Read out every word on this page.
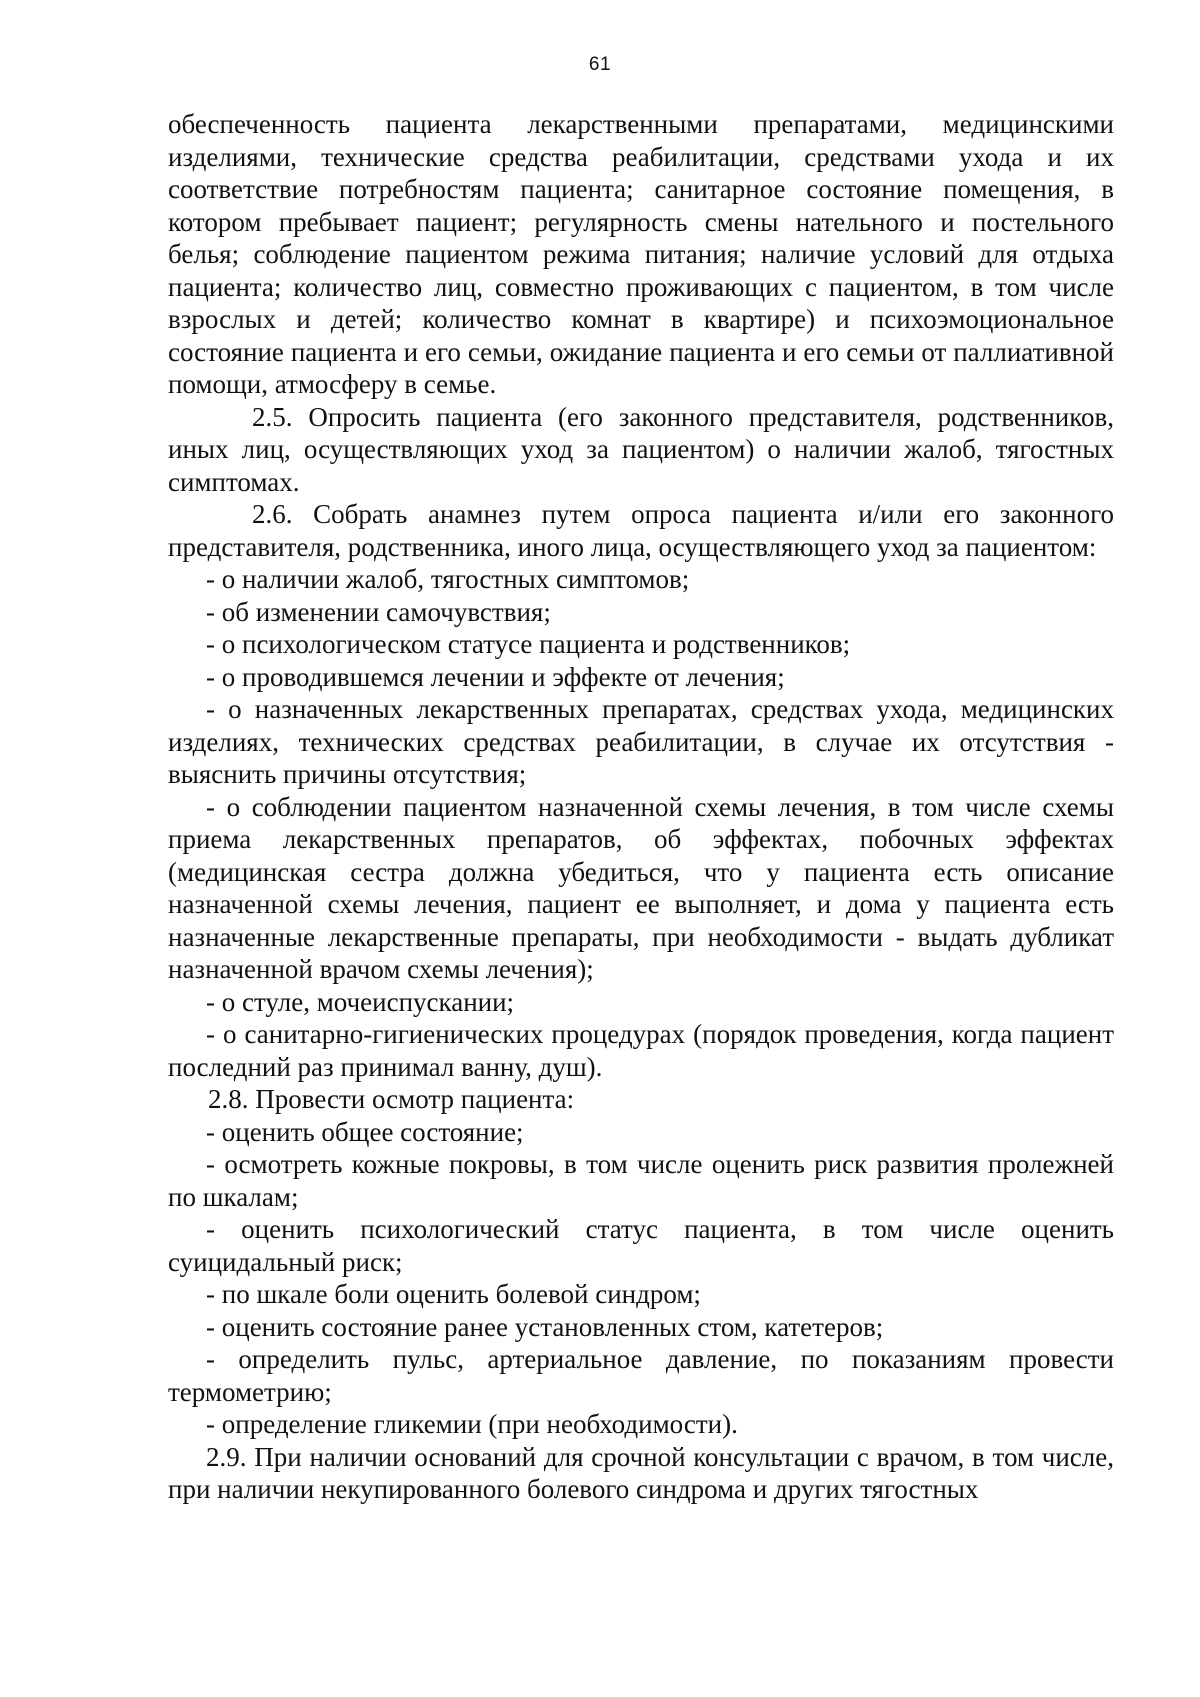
61

обеспеченность пациента лекарственными препаратами, медицинскими изделиями, технические средства реабилитации, средствами ухода и их соответствие потребностям пациента; санитарное состояние помещения, в котором пребывает пациент; регулярность смены нательного и постельного белья; соблюдение пациентом режима питания; наличие условий для отдыха пациента; количество лиц, совместно проживающих с пациентом, в том числе взрослых и детей; количество комнат в квартире) и психоэмоциональное состояние пациента и его семьи, ожидание пациента и его семьи от паллиативной помощи, атмосферу в семье.

2.5. Опросить пациента (его законного представителя, родственников, иных лиц, осуществляющих уход за пациентом) о наличии жалоб, тягостных симптомах.

2.6. Собрать анамнез путем опроса пациента и/или его законного представителя, родственника, иного лица, осуществляющего уход за пациентом:

- о наличии жалоб, тягостных симптомов;

- об изменении самочувствия;

- о психологическом статусе пациента и родственников;

- о проводившемся лечении и эффекте от лечения;

- о назначенных лекарственных препаратах, средствах ухода, медицинских изделиях, технических средствах реабилитации, в случае их отсутствия - выяснить причины отсутствия;

- о соблюдении пациентом назначенной схемы лечения, в том числе схемы приема лекарственных препаратов, об эффектах, побочных эффектах (медицинская сестра должна убедиться, что у пациента есть описание назначенной схемы лечения, пациент ее выполняет, и дома у пациента есть назначенные лекарственные препараты, при необходимости - выдать дубликат назначенной врачом схемы лечения);

- о стуле, мочеиспускании;

- о санитарно-гигиенических процедурах (порядок проведения, когда пациент последний раз принимал ванну, душ).

2.8. Провести осмотр пациента:

- оценить общее состояние;

- осмотреть кожные покровы, в том числе оценить риск развития пролежней по шкалам;

- оценить психологический статус пациента, в том числе оценить суицидальный риск;

- по шкале боли оценить болевой синдром;

- оценить состояние ранее установленных стом, катетеров;

- определить пульс, артериальное давление, по показаниям провести термометрию;

- определение гликемии (при необходимости).

2.9. При наличии оснований для срочной консультации с врачом, в том числе, при наличии некупированного болевого синдрома и других тягостных
